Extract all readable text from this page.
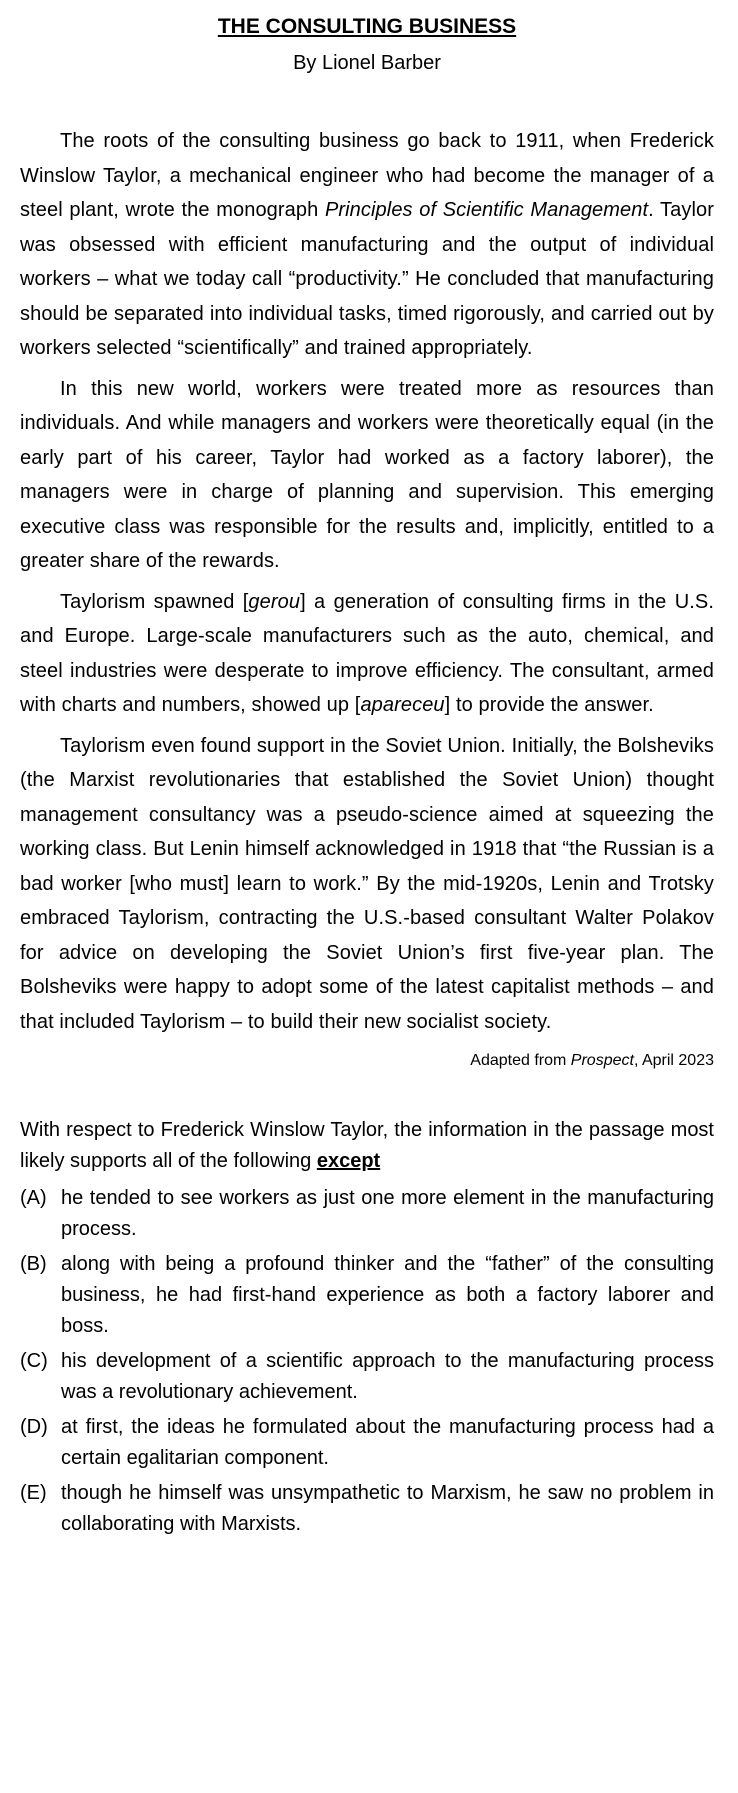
THE CONSULTING BUSINESS
By Lionel Barber

The roots of the consulting business go back to 1911, when Frederick Winslow Taylor, a mechanical engineer who had become the manager of a steel plant, wrote the monograph Principles of Scientific Management. Taylor was obsessed with efficient manufacturing and the output of individual workers – what we today call “productivity.” He concluded that manufacturing should be separated into individual tasks, timed rigorously, and carried out by workers selected “scientifically” and trained appropriately.

In this new world, workers were treated more as resources than individuals. And while managers and workers were theoretically equal (in the early part of his career, Taylor had worked as a factory laborer), the managers were in charge of planning and supervision. This emerging executive class was responsible for the results and, implicitly, entitled to a greater share of the rewards.

Taylorism spawned [gerou] a generation of consulting firms in the U.S. and Europe. Large-scale manufacturers such as the auto, chemical, and steel industries were desperate to improve efficiency. The consultant, armed with charts and numbers, showed up [apareceu] to provide the answer.

Taylorism even found support in the Soviet Union. Initially, the Bolsheviks (the Marxist revolutionaries that established the Soviet Union) thought management consultancy was a pseudo-science aimed at squeezing the working class. But Lenin himself acknowledged in 1918 that “the Russian is a bad worker [who must] learn to work.” By the mid-1920s, Lenin and Trotsky embraced Taylorism, contracting the U.S.-based consultant Walter Polakov for advice on developing the Soviet Union’s first five-year plan. The Bolsheviks were happy to adopt some of the latest capitalist methods – and that included Taylorism – to build their new socialist society.

Adapted from Prospect, April 2023
With respect to Frederick Winslow Taylor, the information in the passage most likely supports all of the following except
(A) he tended to see workers as just one more element in the manufacturing process.
(B) along with being a profound thinker and the “father” of the consulting business, he had first-hand experience as both a factory laborer and boss.
(C) his development of a scientific approach to the manufacturing process was a revolutionary achievement.
(D) at first, the ideas he formulated about the manufacturing process had a certain egalitarian component.
(E) though he himself was unsympathetic to Marxism, he saw no problem in collaborating with Marxists.
